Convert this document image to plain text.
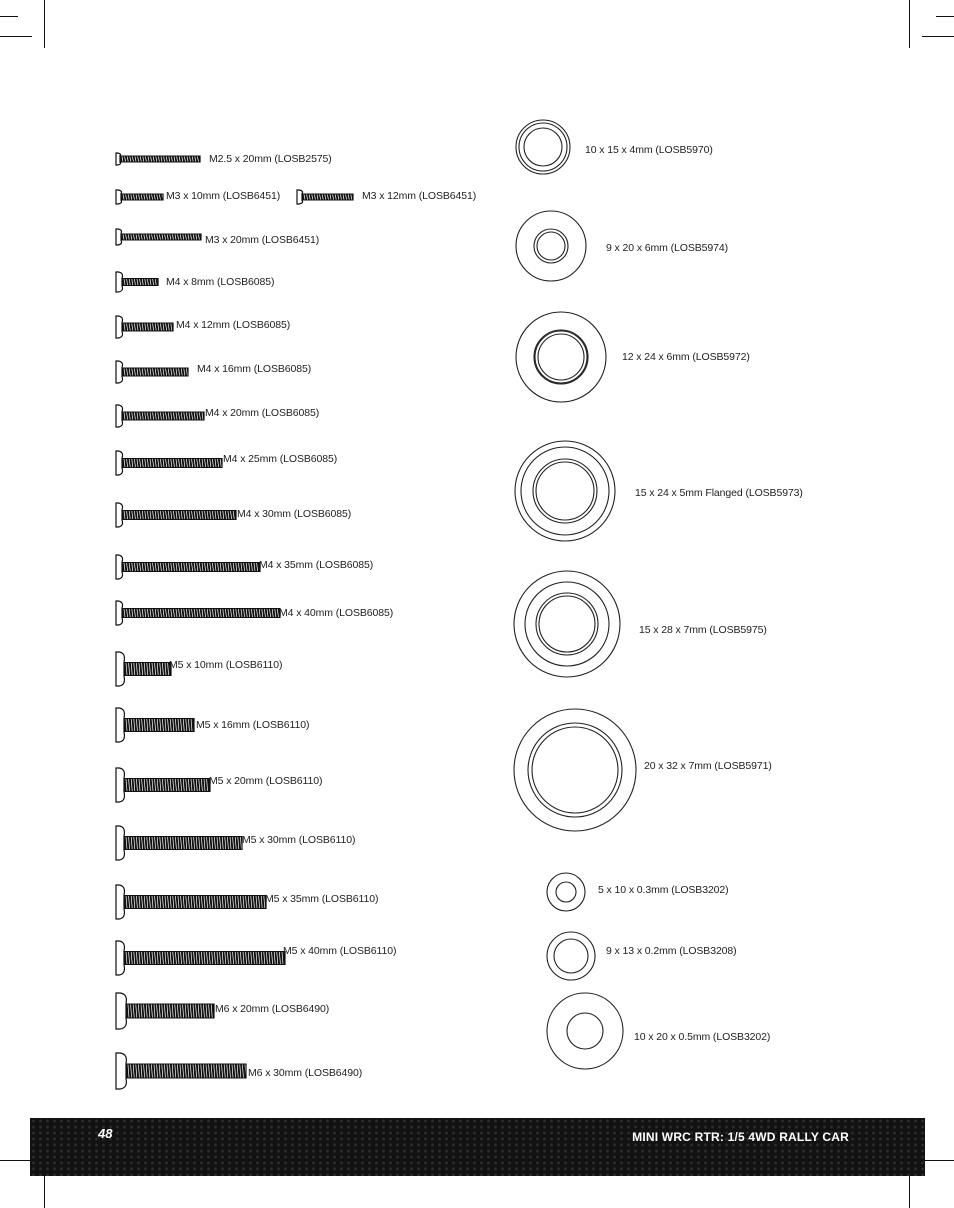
M2.5 x 20mm (LOSB2575)
M3 x 10mm (LOSB6451)	M3 x 12mm (LOSB6451)
M3 x 20mm (LOSB6451)
M4 x 8mm (LOSB6085)
M4 x 12mm (LOSB6085)
M4 x 16mm (LOSB6085)
M4 x 20mm (LOSB6085)
M4 x 25mm (LOSB6085)
M4 x 30mm (LOSB6085)
M4 x 35mm (LOSB6085)
M4 x 40mm (LOSB6085)
M5 x 10mm (LOSB6110)
M5 x 16mm (LOSB6110)
M5 x 20mm (LOSB6110)
M5 x 30mm (LOSB6110)
M5 x 35mm (LOSB6110)
M5 x 40mm (LOSB6110)
M6 x 20mm (LOSB6490)
M6 x 30mm (LOSB6490)
10 x 15 x 4mm (LOSB5970)
9 x 20 x 6mm (LOSB5974)
12 x 24 x 6mm (LOSB5972)
15 x 24 x 5mm Flanged (LOSB5973)
15 x 28 x 7mm (LOSB5975)
20 x 32 x 7mm (LOSB5971)
5 x 10 x 0.3mm (LOSB3202)
9 x 13 x 0.2mm (LOSB3208)
10 x 20 x 0.5mm (LOSB3202)
48	MINI WRC RTR: 1/5 4WD RALLY CAR
